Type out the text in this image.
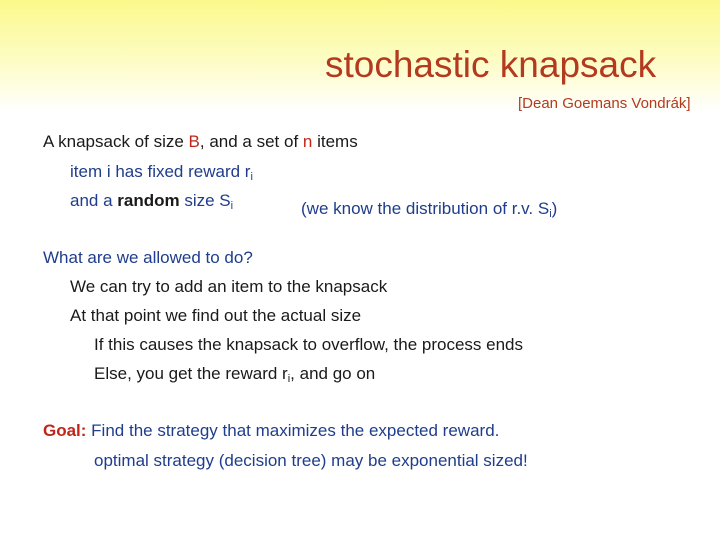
stochastic knapsack
[Dean Goemans Vondrák]
A knapsack of size B, and a set of n items
item i has fixed reward $r_i$
and a random size $S_i$	(we know the distribution of r.v. $S_i$)
What are we allowed to do?
We can try to add an item to the knapsack
At that point we find out the actual size
If this causes the knapsack to overflow, the process ends
Else, you get the reward $r_i$, and go on
Goal: Find the strategy that maximizes the expected reward.
optimal strategy (decision tree) may be exponential sized!
